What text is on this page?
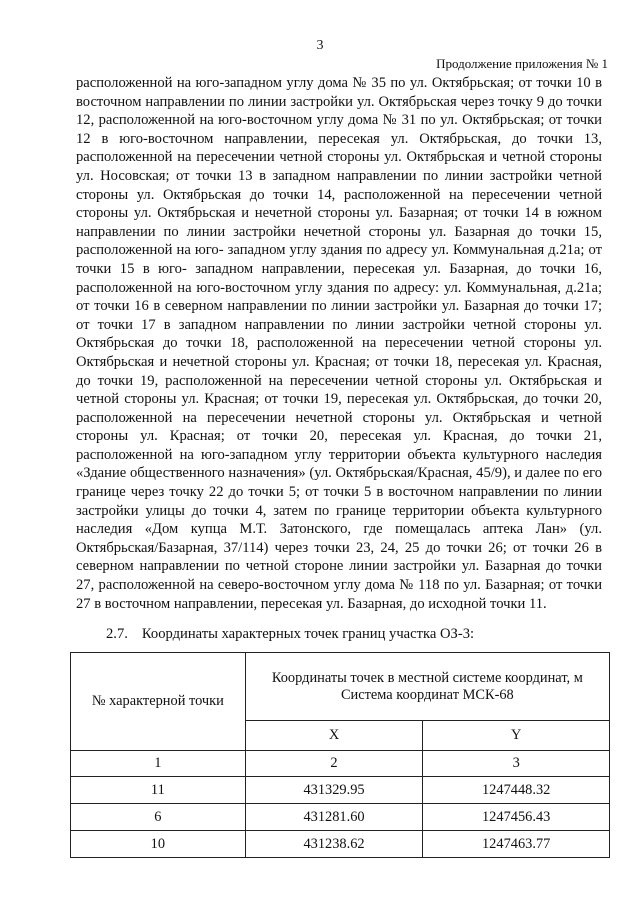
3
Продолжение приложения № 1

расположенной на юго-западном углу дома № 35 по ул. Октябрьская; от точки 10 в восточном направлении по линии застройки ул. Октябрьская через точку 9 до точки 12, расположенной на юго-восточном углу дома № 31 по ул. Октябрьская; от точки 12 в юго-восточном направлении, пересекая ул. Октябрьская, до точки 13, расположенной на пересечении четной стороны ул. Октябрьская и четной стороны ул. Носовская; от точки 13 в западном направлении по линии застройки четной стороны ул. Октябрьская до точки 14, расположенной на пересечении четной стороны ул. Октябрьская и нечетной стороны ул. Базарная; от точки 14 в южном направлении по линии застройки нечетной стороны ул. Базарная до точки 15, расположенной на юго- западном углу здания по адресу ул. Коммунальная д.21а; от точки 15 в юго- западном направлении, пересекая ул. Базарная, до точки 16, расположенной на юго-восточном углу здания по адресу: ул. Коммунальная, д.21а; от точки 16 в северном направлении по линии застройки ул. Базарная до точки 17; от точки 17 в западном направлении по линии застройки четной стороны ул. Октябрьская до точки 18, расположенной на пересечении четной стороны ул. Октябрьская и нечетной стороны ул. Красная; от точки 18, пересекая ул. Красная, до точки 19, расположенной на пересечении четной стороны ул. Октябрьская и четной стороны ул. Красная; от точки 19, пересекая ул. Октябрьская, до точки 20, расположенной на пересечении нечетной стороны ул. Октябрьская и четной стороны ул. Красная; от точки 20, пересекая ул. Красная, до точки 21, расположенной на юго-западном углу территории объекта культурного наследия «Здание общественного назначения» (ул. Октябрьская/Красная, 45/9), и далее по его границе через точку 22 до точки 5; от точки 5 в восточном направлении по линии застройки улицы до точки 4, затем по границе территории объекта культурного наследия «Дом купца М.Т. Затонского, где помещалась аптека Лан» (ул. Октябрьская/Базарная, 37/114) через точки 23, 24, 25 до точки 26; от точки 26 в северном направлении по четной стороне линии застройки ул. Базарная до точки 27, расположенной на северо-восточном углу дома № 118 по ул. Базарная; от точки 27 в восточном направлении, пересекая ул. Базарная, до исходной точки 11.

2.7. Координаты характерных точек границ участка ОЗ-3:

№ характерной точки	Координаты точек в местной системе координат, м
Система координат МСК-68	

	X	Y
1	2	3
11	431329.95	1247448.32
6	431281.60	1247456.43
10	431238.62	1247463.77
